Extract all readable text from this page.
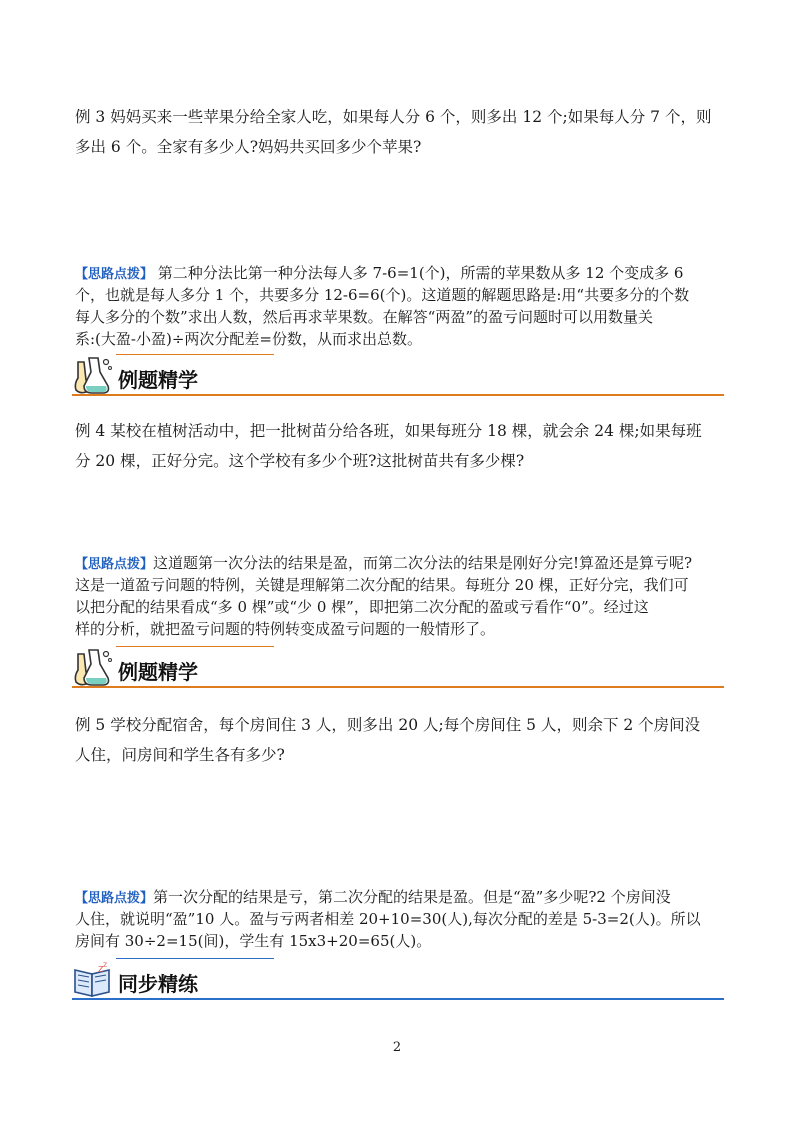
例 3 妈妈买来一些苹果分给全家人吃，如果每人分 6 个，则多出 12 个;如果每人分 7 个，则
多出 6 个。全家有多少人?妈妈共买回多少个苹果?
【思路点拨】 第二种分法比第一种分法每人多 7-6=1(个)，所需的苹果数从多 12 个变成多 6
个，也就是每人多分 1 个，共要多分 12-6=6(个)。这道题的解题思路是:用“共要多分的个数
每人多分的个数”求出人数，然后再求苹果数。在解答“两盈”的盈亏问题时可以用数量关
系:(大盈-小盈)÷两次分配差=份数，从而求出总数。
例题精学
例 4 某校在植树活动中，把一批树苗分给各班，如果每班分 18 棵，就会余 24 棵;如果每班
分 20 棵，正好分完。这个学校有多少个班?这批树苗共有多少棵?
【思路点拨】这道题第一次分法的结果是盈，而第二次分法的结果是刚好分完!算盈还是算亏呢?
这是一道盈亏问题的特例，关键是理解第二次分配的结果。每班分 20 棵，正好分完，我们可
以把分配的结果看成“多 0 棵”或“少 0 棵”，即把第二次分配的盈或亏看作“0”。经过这
样的分析，就把盈亏问题的特例转变成盈亏问题的一般情形了。
例题精学
例 5 学校分配宿舍，每个房间住 3 人，则多出 20 人;每个房间住 5 人，则余下 2 个房间没
人住，问房间和学生各有多少?
【思路点拨】第一次分配的结果是亏，第二次分配的结果是盈。但是“盈”多少呢?2 个房间没
人住，就说明“盈”10 人。盈与亏两者相差 20+10=30(人),每次分配的差是 5-3=2(人)。所以
房间有 30÷2=15(间)，学生有 15x3+20=65(人)。
Z Z
同步精练
2
